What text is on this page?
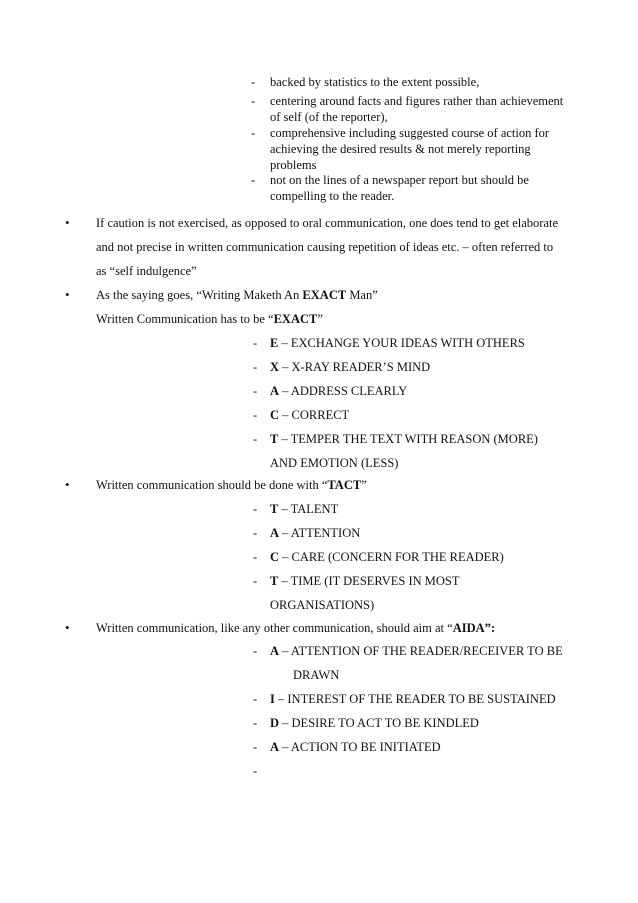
-	backed by statistics to the extent possible,
-	centering around facts and figures rather than achievement
of self (of the reporter),
-	comprehensive including suggested course of action for
achieving the desired results & not merely reporting
problems
-	not on the lines of a newspaper report but should be
compelling to the reader.
• If caution is not exercised, as opposed to oral communication, one does tend to get elaborate
and not precise in written communication causing repetition of ideas etc. – often referred to
as “self indulgence”
• As the saying goes, “Writing Maketh An EXACT Man”
Written Communication has to be “EXACT”
-	E – EXCHANGE YOUR IDEAS WITH OTHERS
-	X – X-RAY READER’S MIND
-	A – ADDRESS CLEARLY
-	C – CORRECT
-	T – TEMPER THE TEXT WITH REASON (MORE)
AND EMOTION (LESS)
• Written communication should be done with “TACT”
-	T – TALENT
-	A – ATTENTION
-	C – CARE (CONCERN FOR THE READER)
-	T – TIME (IT DESERVES IN MOST
ORGANISATIONS)
• Written communication, like any other communication, should aim at “AIDA”:
-	A – ATTENTION OF THE READER/RECEIVER TO BE
DRAWN
-	I – INTEREST OF THE READER TO BE SUSTAINED
-	D – DESIRE TO ACT TO BE KINDLED
-	A – ACTION TO BE INITIATED
-
